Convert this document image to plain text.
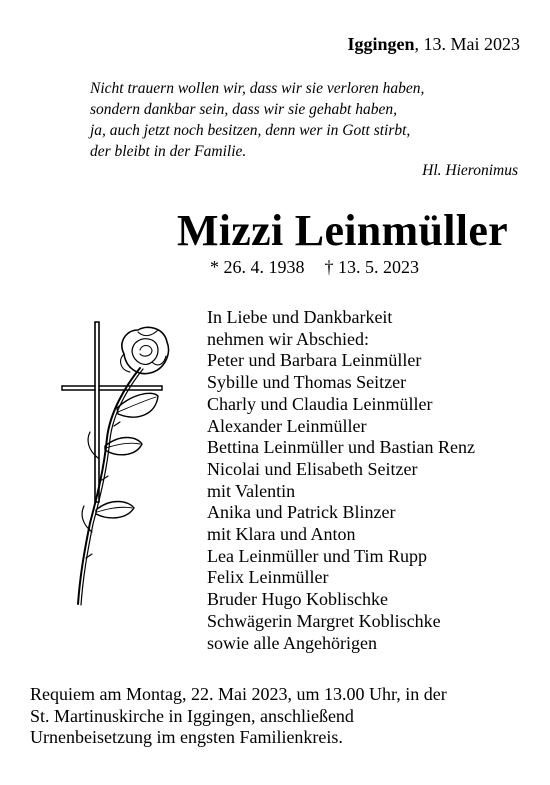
Iggingen, 13. Mai 2023
Nicht trauern wollen wir, dass wir sie verloren haben,
sondern dankbar sein, dass wir sie gehabt haben,
ja, auch jetzt noch besitzen, denn wer in Gott stirbt,
der bleibt in der Familie.
Hl. Hieronimus
Mizzi Leinmüller
* 26. 4. 1938 † 13. 5. 2023
In Liebe und Dankbarkeit
nehmen wir Abschied:
Peter und Barbara Leinmüller
Sybille und Thomas Seitzer
Charly und Claudia Leinmüller
Alexander Leinmüller
Bettina Leinmüller und Bastian Renz
Nicolai und Elisabeth Seitzer
mit Valentin
Anika und Patrick Blinzer
mit Klara und Anton
Lea Leinmüller und Tim Rupp
Felix Leinmüller
Bruder Hugo Koblischke
Schwägerin Margret Koblischke
sowie alle Angehörigen
Requiem am Montag, 22. Mai 2023, um 13.00 Uhr, in der
St. Martinuskirche in Iggingen, anschließend
Urnenbeisetzung im engsten Familienkreis.
